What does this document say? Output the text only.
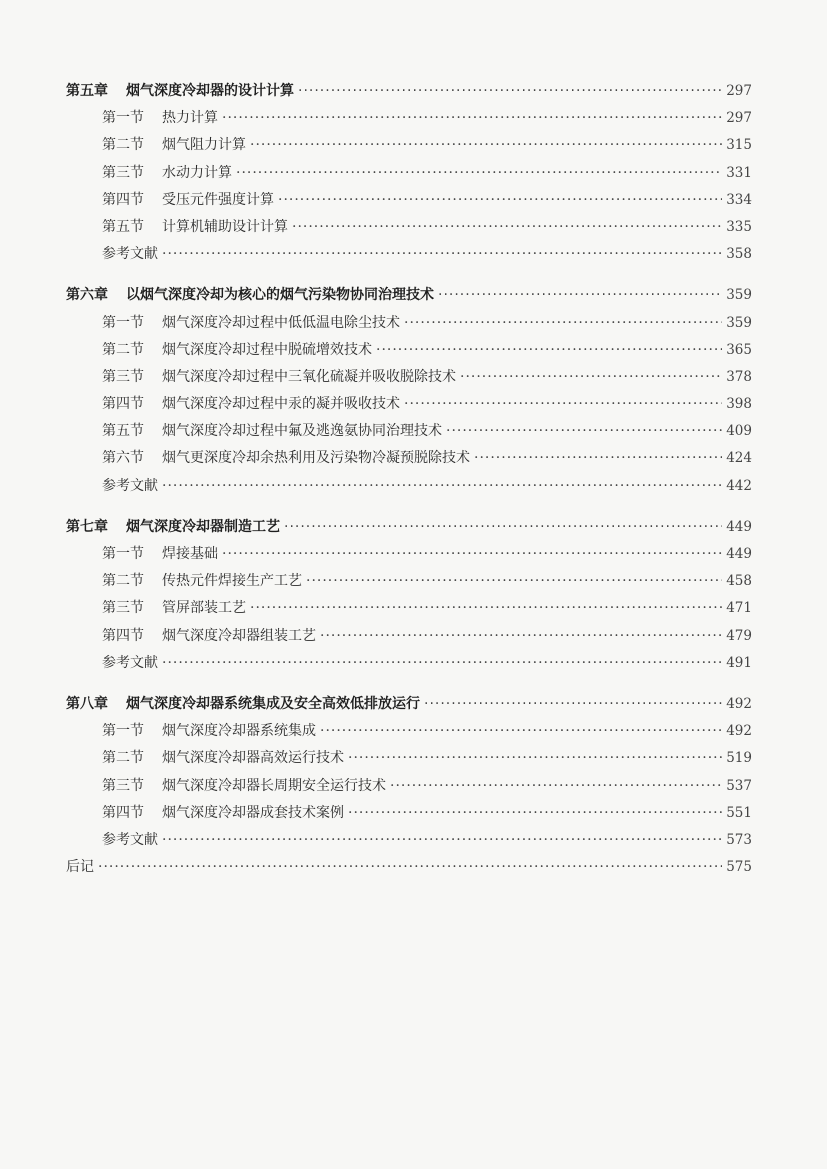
第五章 烟气深度冷却器的设计计算 ·····	297
第一节 热力计算 ·····	297
第二节 烟气阻力计算 ·····	315
第三节 水动力计算 ·····	331
第四节 受压元件强度计算 ·····	334
第五节 计算机辅助设计计算 ·····	335
参考文献 ·····	358
第六章 以烟气深度冷却为核心的烟气污染物协同治理技术 ·····	359
第一节 烟气深度冷却过程中低低温电除尘技术 ·····	359
第二节 烟气深度冷却过程中脱硫增效技术 ·····	365
第三节 烟气深度冷却过程中三氧化硫凝并吸收脱除技术 ·····	378
第四节 烟气深度冷却过程中汞的凝并吸收技术 ·····	398
第五节 烟气深度冷却过程中氟及逃逸氨协同治理技术 ·····	409
第六节 烟气更深度冷却余热利用及污染物冷凝预脱除技术 ·····	424
参考文献 ·····	442
第七章 烟气深度冷却器制造工艺 ·····	449
第一节 焊接基础 ·····	449
第二节 传热元件焊接生产工艺 ·····	458
第三节 管屏部装工艺 ·····	471
第四节 烟气深度冷却器组装工艺 ·····	479
参考文献 ·····	491
第八章 烟气深度冷却器系统集成及安全高效低排放运行 ·····	492
第一节 烟气深度冷却器系统集成 ·····	492
第二节 烟气深度冷却器高效运行技术 ·····	519
第三节 烟气深度冷却器长周期安全运行技术 ·····	537
第四节 烟气深度冷却器成套技术案例 ·····	551
参考文献 ·····	573
后记 ·····	575
